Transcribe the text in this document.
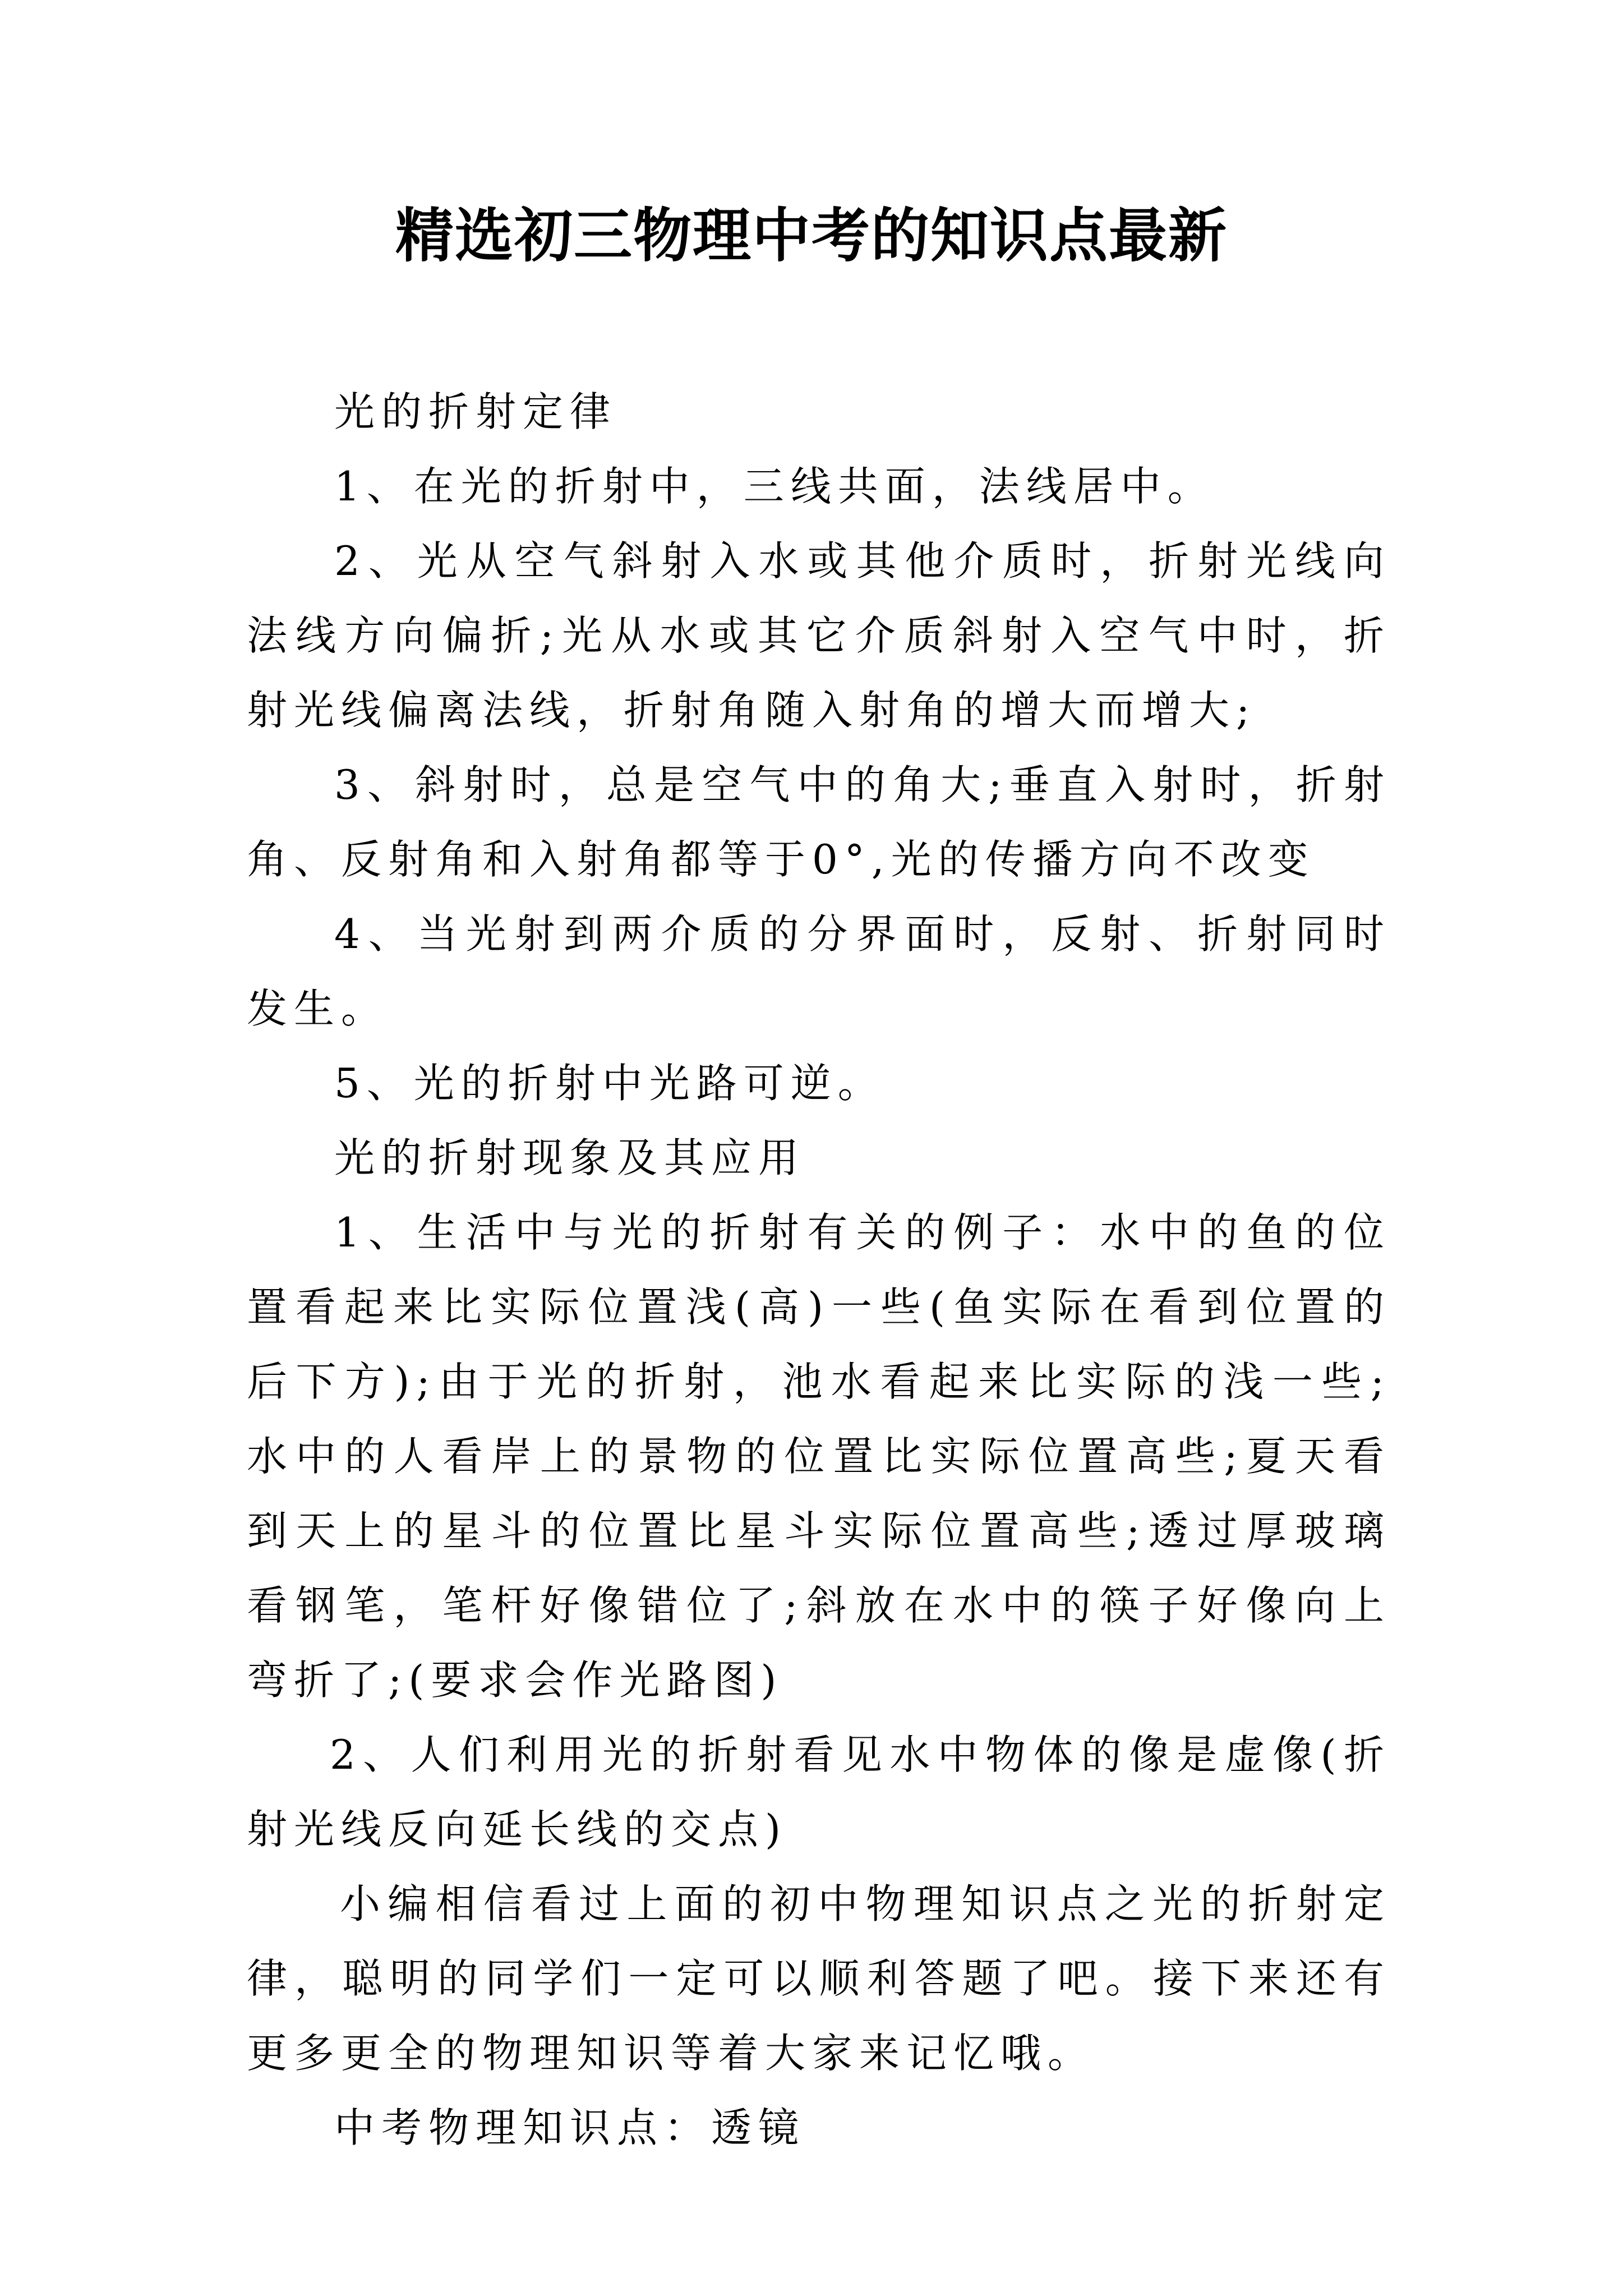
精选初三物理中考的知识点最新

光的折射定律

1、在光的折射中，三线共面，法线居中。

2、光从空气斜射入水或其他介质时，折射光线向法线方向偏折;光从水或其它介质斜射入空气中时，折射光线偏离法线，折射角随入射角的增大而增大;

3、斜射时，总是空气中的角大;垂直入射时，折射角、反射角和入射角都等于0°,光的传播方向不改变

4、当光射到两介质的分界面时，反射、折射同时发生。

5、光的折射中光路可逆。

光的折射现象及其应用

1、生活中与光的折射有关的例子：水中的鱼的位置看起来比实际位置浅(高)一些(鱼实际在看到位置的后下方);由于光的折射，池水看起来比实际的浅一些;水中的人看岸上的景物的位置比实际位置高些;夏天看到天上的星斗的位置比星斗实际位置高些;透过厚玻璃看钢笔，笔杆好像错位了;斜放在水中的筷子好像向上弯折了;(要求会作光路图)

2、人们利用光的折射看见水中物体的像是虚像(折射光线反向延长线的交点)

小编相信看过上面的初中物理知识点之光的折射定律，聪明的同学们一定可以顺利答题了吧。接下来还有更多更全的物理知识等着大家来记忆哦。

中考物理知识点：透镜
